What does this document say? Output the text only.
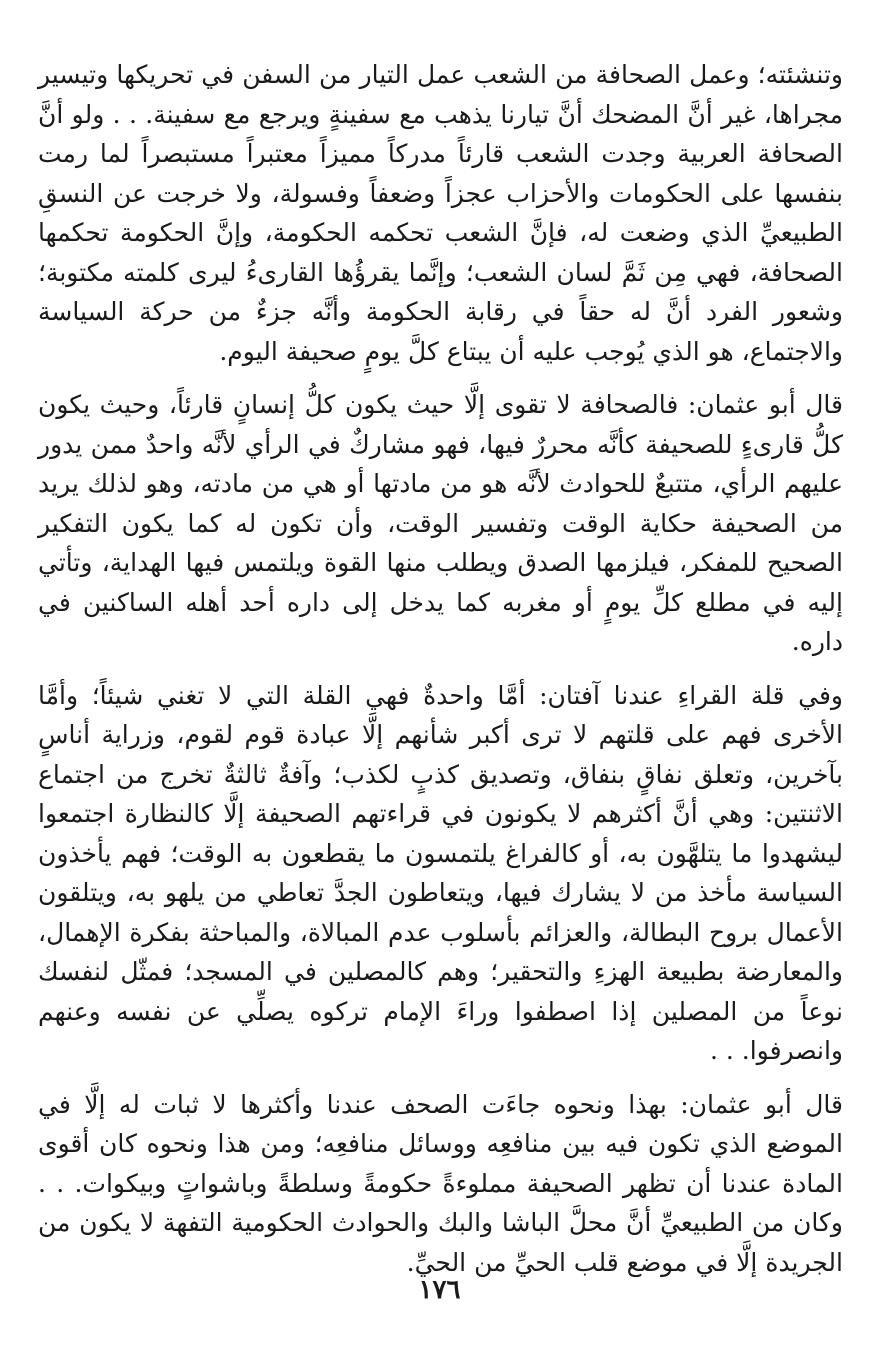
وتنشئته؛ وعمل الصحافة من الشعب عمل التيار من السفن في تحريكها وتيسير مجراها، غير أنَّ المضحك أنَّ تيارنا يذهب مع سفينةٍ ويرجع مع سفينة. . . ولو أنَّ الصحافة العربية وجدت الشعب قارئاً مدركاً مميزاً معتبراً مستبصراً لما رمت بنفسها على الحكومات والأحزاب عجزاً وضعفاً وفسولة، ولا خرجت عن النسقِ الطبيعيِّ الذي وضعت له، فإنَّ الشعب تحكمه الحكومة، وإنَّ الحكومة تحكمها الصحافة، فهي مِن ثَمَّ لسان الشعب؛ وإنَّما يقرؤُها القارىءُ ليرى كلمته مكتوبة؛ وشعور الفرد أنَّ له حقاً في رقابة الحكومة وأنَّه جزءٌ من حركة السياسة والاجتماع، هو الذي يُوجب عليه أن يبتاع كلَّ يومٍ صحيفة اليوم.

قال أبو عثمان: فالصحافة لا تقوى إلَّا حيث يكون كلُّ إنسانٍ قارئاً، وحيث يكون كلُّ قارىءٍ للصحيفة كأنَّه محررٌ فيها، فهو مشاركٌ في الرأي لأنَّه واحدٌ ممن يدور عليهم الرأي، متتبعٌ للحوادث لأنَّه هو من مادتها أو هي من مادته، وهو لذلك يريد من الصحيفة حكاية الوقت وتفسير الوقت، وأن تكون له كما يكون التفكير الصحيح للمفكر، فيلزمها الصدق ويطلب منها القوة ويلتمس فيها الهداية، وتأتي إليه في مطلع كلِّ يومٍ أو مغربه كما يدخل إلى داره أحد أهله الساكنين في داره.

وفي قلة القراءِ عندنا آفتان: أمَّا واحدةٌ فهي القلة التي لا تغني شيئاً؛ وأمَّا الأخرى فهم على قلتهم لا ترى أكبر شأنهم إلَّا عبادة قوم لقوم، وزراية أناسٍ بآخرين، وتعلق نفاقٍ بنفاق، وتصديق كذبٍ لكذب؛ وآفةٌ ثالثةٌ تخرج من اجتماع الاثنتين: وهي أنَّ أكثرهم لا يكونون في قراءتهم الصحيفة إلَّا كالنظارة اجتمعوا ليشهدوا ما يتلهَّون به، أو كالفراغ يلتمسون ما يقطعون به الوقت؛ فهم يأخذون السياسة مأخذ من لا يشارك فيها، ويتعاطون الجدَّ تعاطي من يلهو به، ويتلقون الأعمال بروح البطالة، والعزائم بأسلوب عدم المبالاة، والمباحثة بفكرة الإهمال، والمعارضة بطبيعة الهزءِ والتحقير؛ وهم كالمصلين في المسجد؛ فمثّل لنفسك نوعاً من المصلين إذا اصطفوا وراءَ الإمام تركوه يصلِّي عن نفسه وعنهم وانصرفوا. . .

قال أبو عثمان: بهذا ونحوه جاءَت الصحف عندنا وأكثرها لا ثبات له إلَّا في الموضع الذي تكون فيه بين منافعِه ووسائل منافعِه؛ ومن هذا ونحوه كان أقوى المادة عندنا أن تظهر الصحيفة مملوءةً حكومةً وسلطةً وباشواتٍ وبيكوات. . . وكان من الطبيعيِّ أنَّ محلَّ الباشا والبك والحوادث الحكومية التفهة لا يكون من الجريدة إلَّا في موضع قلب الحيِّ من الحيِّ.

١٧٦
